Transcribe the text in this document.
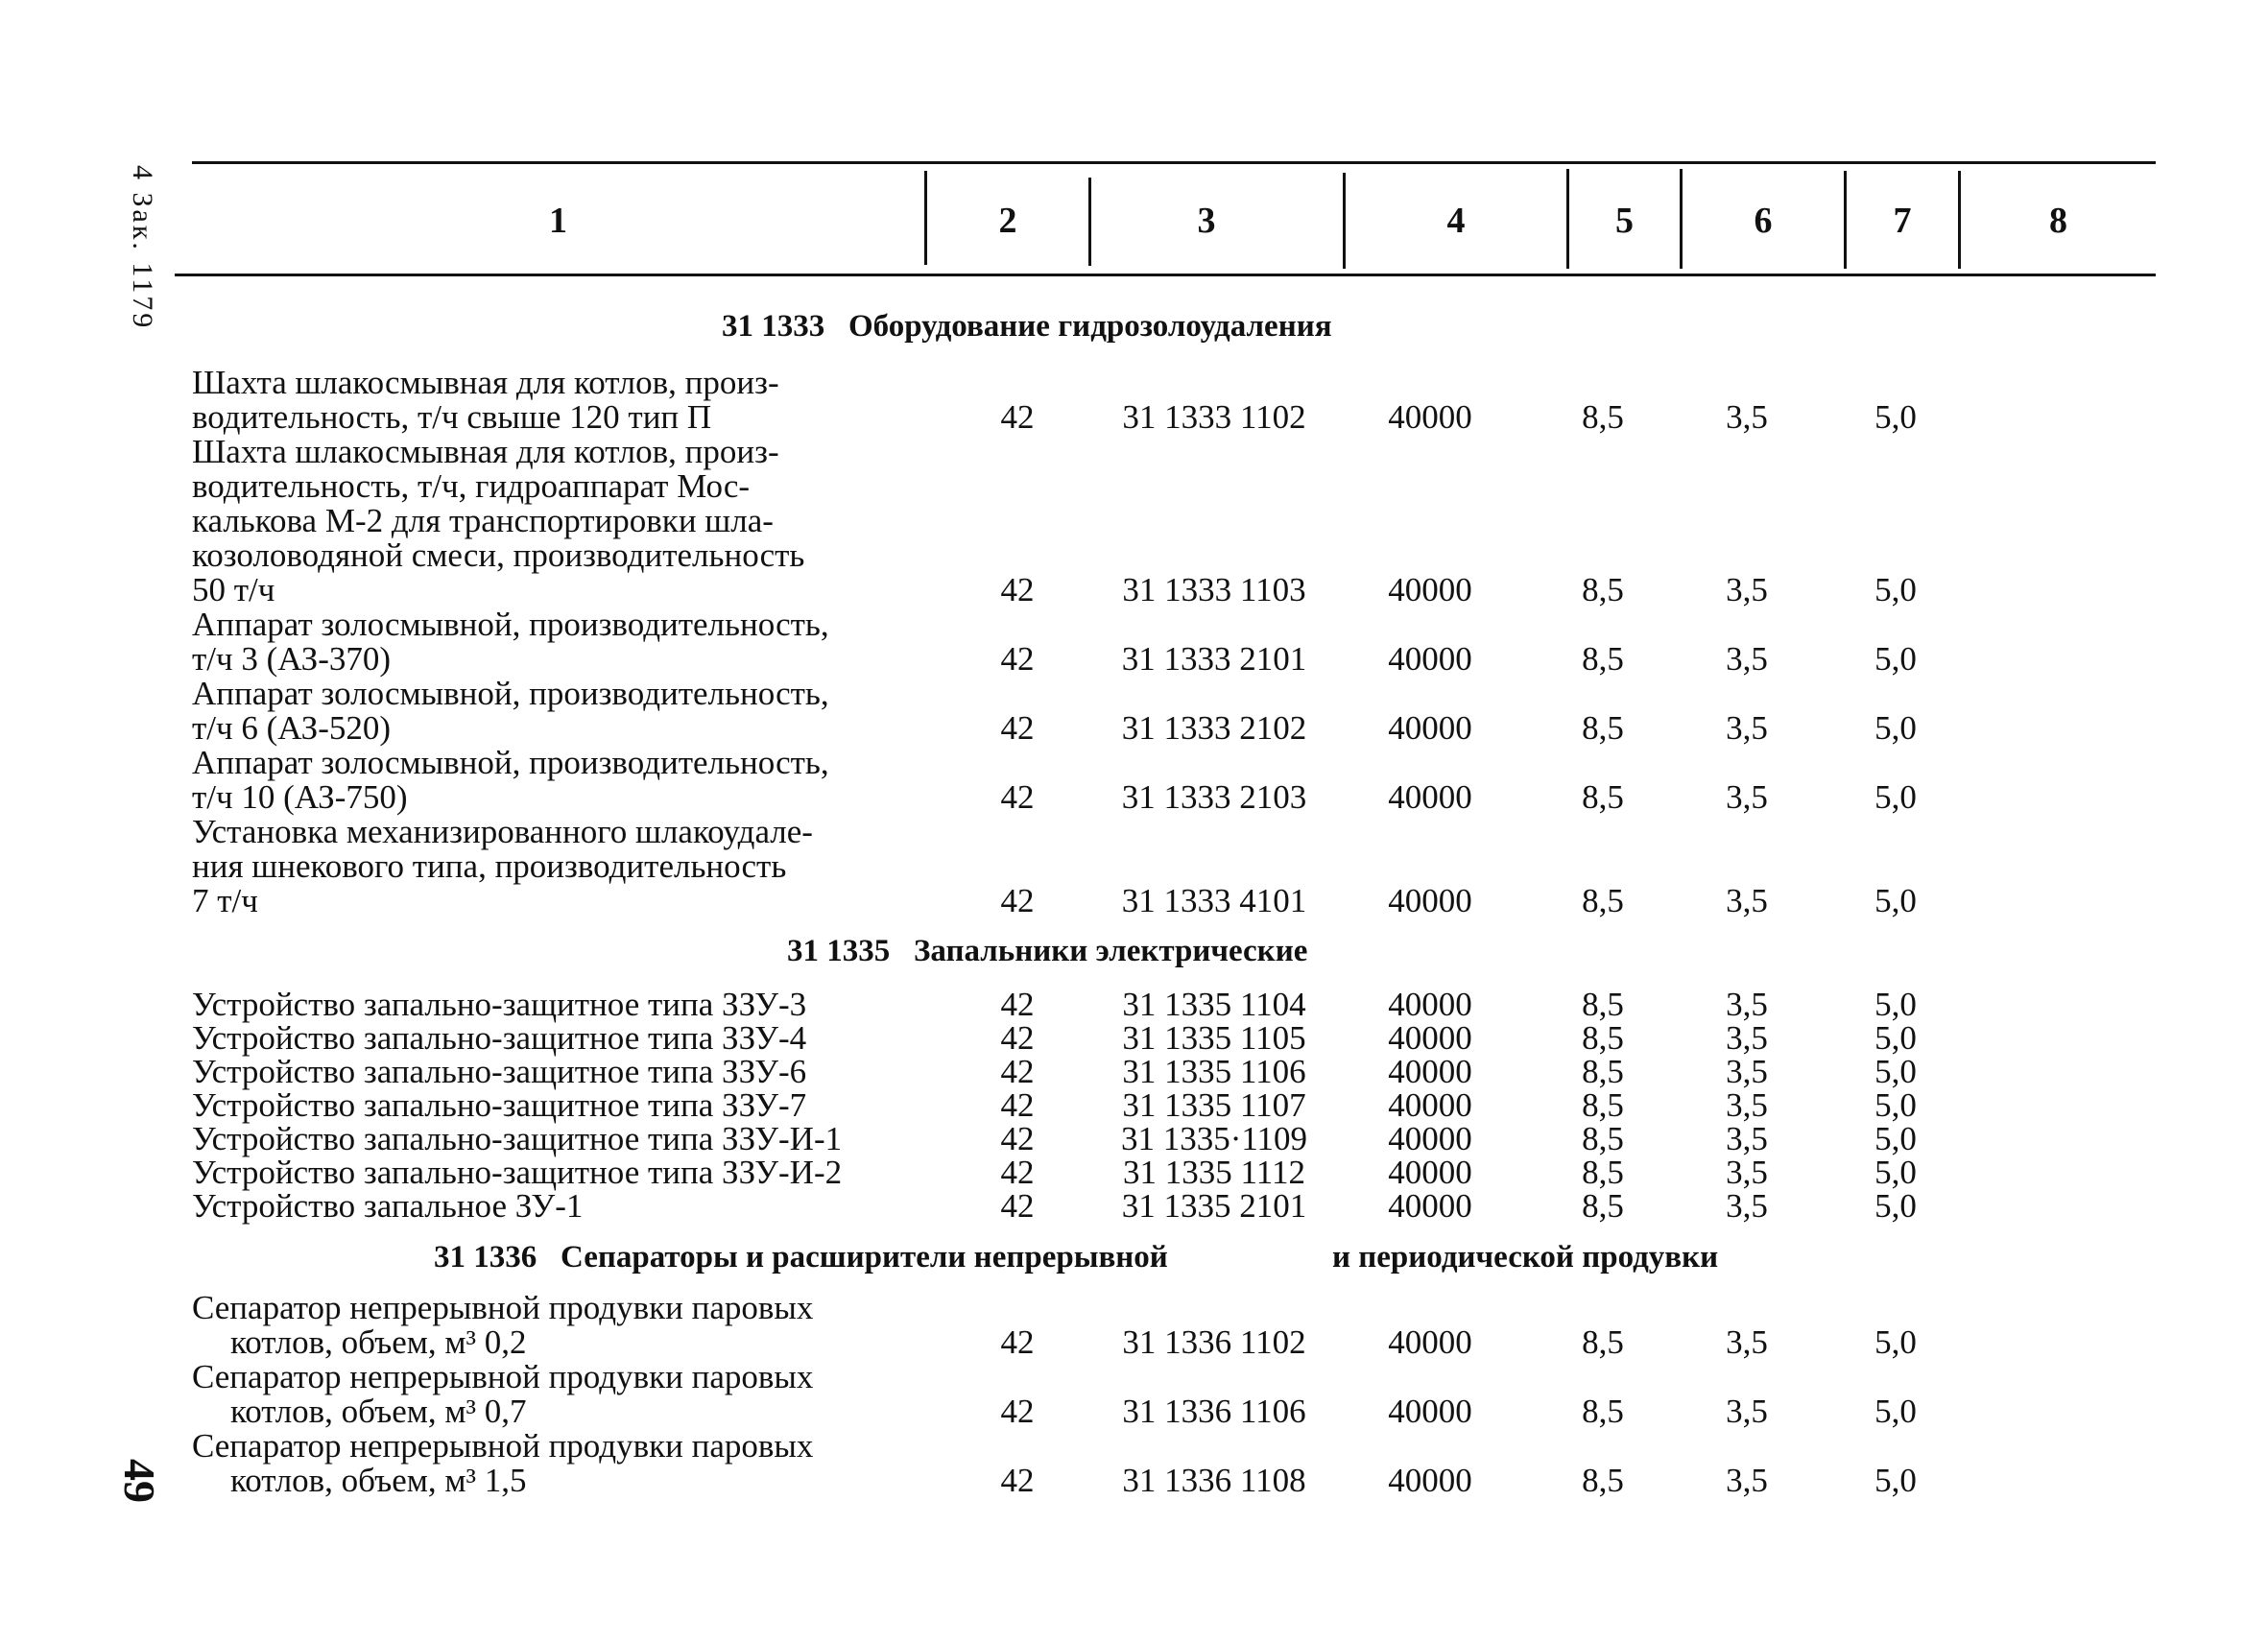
4 Зак. 1179
49
1	2	3	4	5	6	7	8
31 1333 Оборудование гидрозолоудаления
Шахта шлакосмывная для котлов, произ-
водительность, т/ч свыше 120 тип П	42	31 1333 1102	40000	8,5	3,5	5,0
Шахта шлакосмывная для котлов, произ-
водительность, т/ч, гидроаппарат Мос-
калькова М-2 для транспортировки шла-
козоловодяной смеси, производительность
50 т/ч	42	31 1333 1103	40000	8,5	3,5	5,0
Аппарат золосмывной, производительность,
т/ч 3 (АЗ-370)	42	31 1333 2101	40000	8,5	3,5	5,0
Аппарат золосмывной, производительность,
т/ч 6 (АЗ-520)	42	31 1333 2102	40000	8,5	3,5	5,0
Аппарат золосмывной, производительность,
т/ч 10 (АЗ-750)	42	31 1333 2103	40000	8,5	3,5	5,0
Установка механизированного шлакоудале-
ния шнекового типа, производительность
7 т/ч	42	31 1333 4101	40000	8,5	3,5	5,0
31 1335 Запальники электрические
Устройство запально-защитное типа ЗЗУ-3	42	31 1335 1104	40000	8,5	3,5	5,0
Устройство запально-защитное типа ЗЗУ-4	42	31 1335 1105	40000	8,5	3,5	5,0
Устройство запально-защитное типа ЗЗУ-6	42	31 1335 1106	40000	8,5	3,5	5,0
Устройство запально-защитное типа ЗЗУ-7	42	31 1335 1107	40000	8,5	3,5	5,0
Устройство запально-защитное типа ЗЗУ-И-1	42	31 1335·1109	40000	8,5	3,5	5,0
Устройство запально-защитное типа ЗЗУ-И-2	42	31 1335 1112	40000	8,5	3,5	5,0
Устройство запальное ЗУ-1	42	31 1335 2101	40000	8,5	3,5	5,0
31 1336 Сепараторы и расширители непрерывной	и периодической продувки
Сепаратор непрерывной продувки паровых
котлов, объем, м³ 0,2	42	31 1336 1102	40000	8,5	3,5	5,0
Сепаратор непрерывной продувки паровых
котлов, объем, м³ 0,7	42	31 1336 1106	40000	8,5	3,5	5,0
Сепаратор непрерывной продувки паровых
котлов, объем, м³ 1,5	42	31 1336 1108	40000	8,5	3,5	5,0
